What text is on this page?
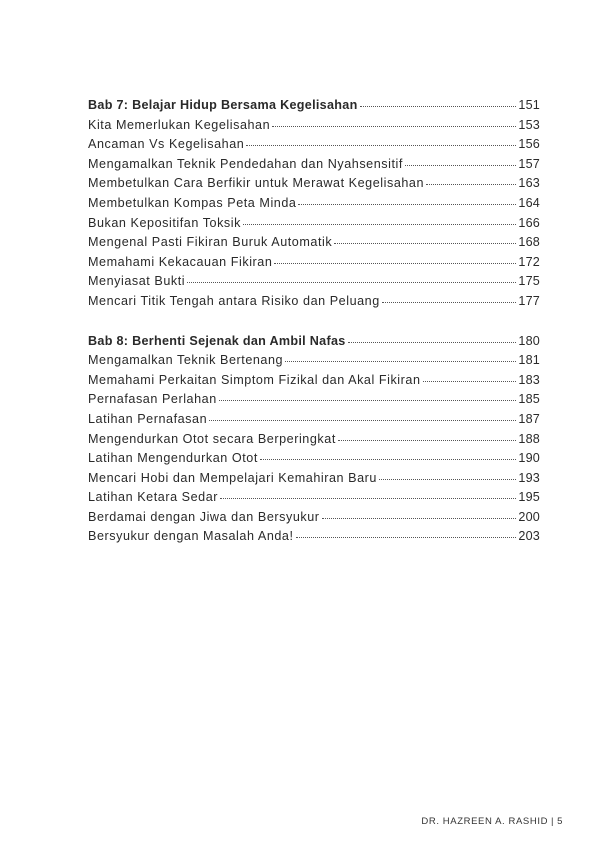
Bab 7: Belajar Hidup Bersama Kegelisahan	151
Kita Memerlukan Kegelisahan	153
Ancaman Vs Kegelisahan	156
Mengamalkan Teknik Pendedahan dan Nyahsensitif	157
Membetulkan Cara Berfikir untuk Merawat Kegelisahan	163
Membetulkan Kompas Peta Minda	164
Bukan Kepositifan Toksik	166
Mengenal Pasti Fikiran Buruk Automatik	168
Memahami Kekacauan Fikiran	172
Menyiasat Bukti	175
Mencari Titik Tengah antara Risiko dan Peluang	177
Bab 8: Berhenti Sejenak dan Ambil Nafas	180
Mengamalkan Teknik Bertenang	181
Memahami Perkaitan Simptom Fizikal dan Akal Fikiran	183
Pernafasan Perlahan	185
Latihan Pernafasan	187
Mengendurkan Otot secara Berperingkat	188
Latihan Mengendurkan Otot	190
Mencari Hobi dan Mempelajari Kemahiran Baru	193
Latihan Ketara Sedar	195
Berdamai dengan Jiwa dan Bersyukur	200
Bersyukur dengan Masalah Anda!	203
DR. HAZREEN A. RASHID | 5
